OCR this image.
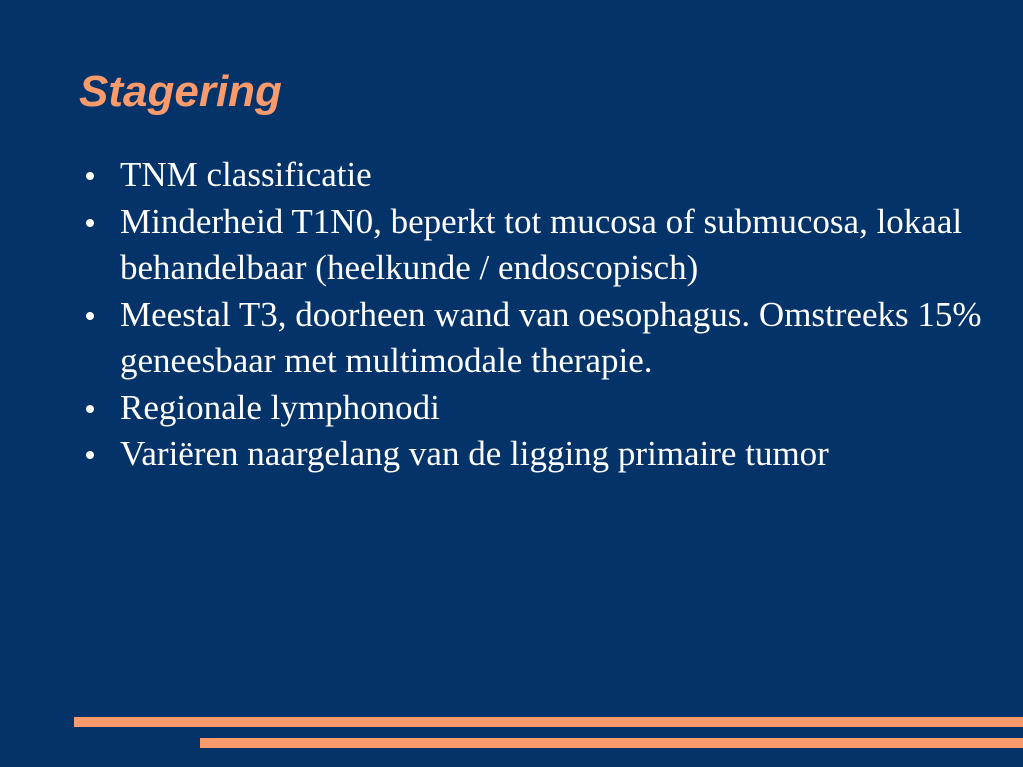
Stagering
TNM classificatie
Minderheid T1N0, beperkt tot mucosa of submucosa, lokaal behandelbaar (heelkunde / endoscopisch)
Meestal T3, doorheen wand van oesophagus. Omstreeks 15% geneesbaar met multimodale therapie.
Regionale lymphonodi
Variëren naargelang van de ligging primaire tumor
